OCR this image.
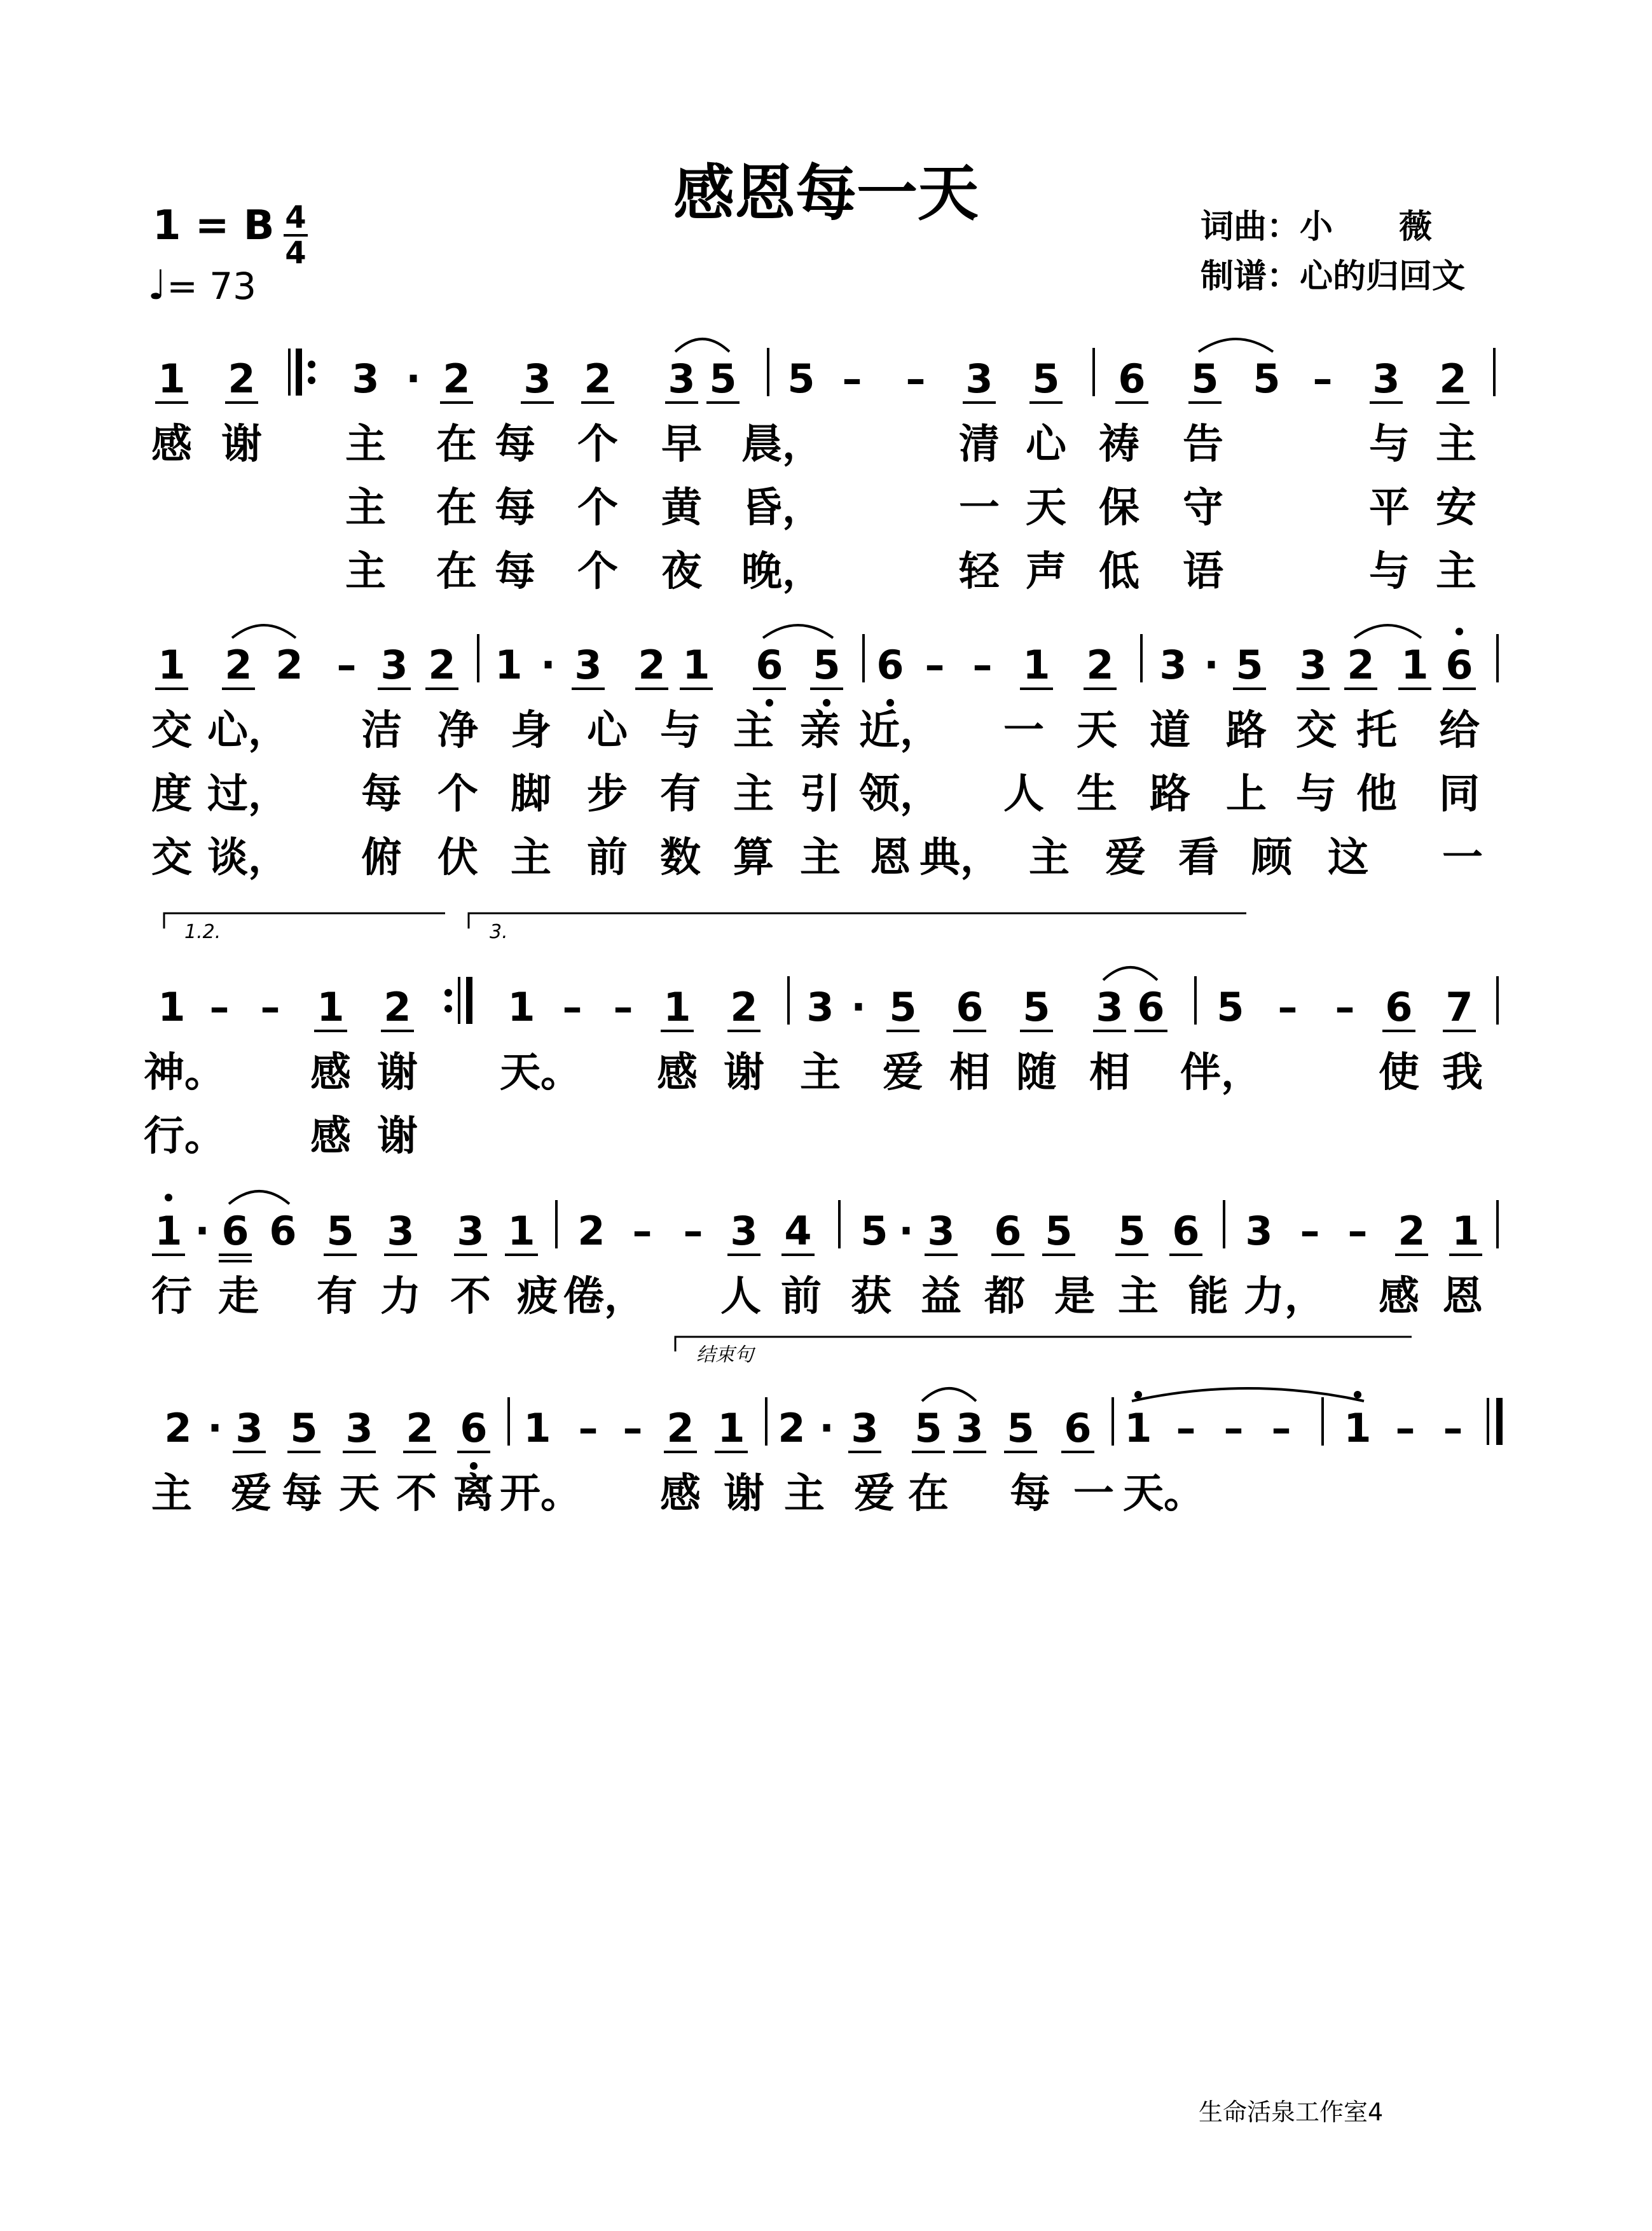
感恩每一天
1 = B 4
4
♩= 73
词曲：小　　薇
制谱：心的归回文
生命活泉工作室4
1 2 3 · 2 3 2 3 5 5 – – 3 5 6 5 5 – 3 2
感 谢 主 在 每 个 早 晨，	清 心 祷 告	与 主
主 在 每 个 黄 昏，	一 天 保 守	平 安
主 在 每 个 夜 晚，	轻 声 低 语	与 主
1 2 2 – 3 2 1 · 3 2 1 6 5 6 – – 1 2 3 · 5 3 2 1 6
交 心， 洁 净 身 心 与 主 亲 近， 一 天 道 路 交 托 给
度 过， 每 个 脚 步 有 主 引 领， 人 生 路 上 与 他 同
交 谈， 俯 伏 主 前 数 算 主 恩 典， 主 爱 看 顾 这 一
1 – – 1 2 1 – – 1 2 3 · 5 6 5 3 6 5 – – 6 7
神。 感 谢 天。 感 谢 主 爱 相 随 相 伴，	使 我
行。 感 谢
1 · 6 6 5 3 3 1 2 – – 3 4 5 · 3 6 5 5 6 3 – – 2 1
行 走 有 力 不 疲 倦， 人 前 获 益 都 是 主 能 力， 感 恩
2 · 3 5 3 2 6 1 – – 2 1 2 · 3 5 3 5 6 1 – – – 1 – –
主 爱 每 天 不 离 开。 感 谢 主 爱 在 每 一 天。
1.2.	3.
结束句
